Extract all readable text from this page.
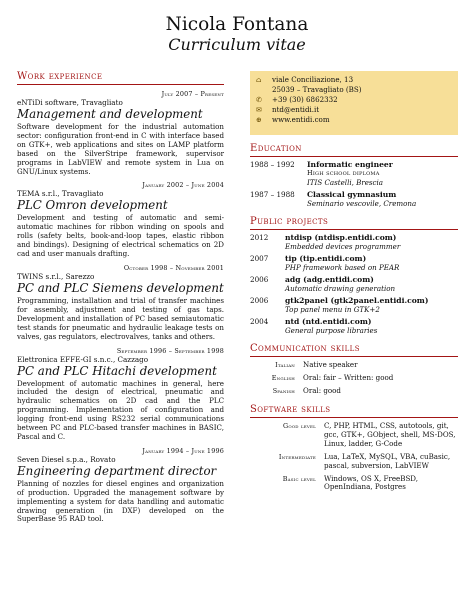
Nicola Fontana
Curriculum vitae
Work experience
July 2007 – Present
eNTiDi software, Travagliato
Management and development
Software development for the industrial automation sector: configuration front-end in C with interface based on GTK+, web applications and sites on LAMP platform based on the SilverStripe framework, supervisor programs in LabVIEW and remote system in Lua on GNU/Linux systems.
January 2002 – June 2004
TEMA s.r.l., Travagliato
PLC Omron development
Development and testing of automatic and semi-automatic machines for ribbon winding on spools and rolls (safety belts, book-and-loop tapes, elastic ribbon and bindings). Designing of electrical schematics on 2D cad and user manuals drafting.
October 1998 – November 2001
TWINS s.r.l., Sarezzo
PC and PLC Siemens development
Programming, installation and trial of transfer machines for assembly, adjustment and testing of gas taps. Development and installation of PC based semiautomatic test stands for pneumatic and hydraulic leakage tests on valves, gas regulators, electrovalves, tanks and others.
September 1996 – September 1998
Elettronica EFFE-GI s.n.c., Cazzago
PC and PLC Hitachi development
Development of automatic machines in general, here included the design of electrical, pneumatic and hydraulic schematics on 2D cad and the PLC programming. Implementation of configuration and logging front-end using RS232 serial communications between PC and PLC-based transfer machines in BASIC, Pascal and C.
January 1994 – June 1996
Seven Diesel s.p.a., Rovato
Engineering department director
Planning of nozzles for diesel engines and organization of production. Upgraded the management software by implementing a system for data handling and automatic drawing generation (in DXF) developed on the SuperBase 95 RAD tool.
⌂	viale Conciliazione, 13
25039 – Travagliato (BS)
✆	+39 (30) 6862332
✉	ntd@entidi.it
⊕	www.entidi.com
Education
1988 – 1992	Informatic engineer
High school diploma
ITIS Castelli, Brescia
1987 – 1988	Classical gymnasium
Seminario vescovile, Cremona
Public projects
2012	ntdisp (ntdisp.entidi.com)
Embedded devices programmer
2007	tip (tip.entidi.com)
PHP framework based on PEAR
2006	adg (adg.entidi.com)
Automatic drawing generation
2006	gtk2panel (gtk2panel.entidi.com)
Top panel menu in GTK+2
2004	ntd (ntd.entidi.com)
General purpose libraries
Communication skills
Italian	Native speaker
English	Oral: fair – Written: good
Spanish	Oral: good
Software skills
Good level	C, PHP, HTML, CSS, autotools, git, gcc, GTK+, GObject, shell, MS-DOS, Linux, ladder, G-Code
Intermediate	Lua, LaTeX, MySQL, VBA, cuBasic, pascal, subversion, LabVIEW
Basic level	Windows, OS X, FreeBSD, OpenIndiana, Postgres
